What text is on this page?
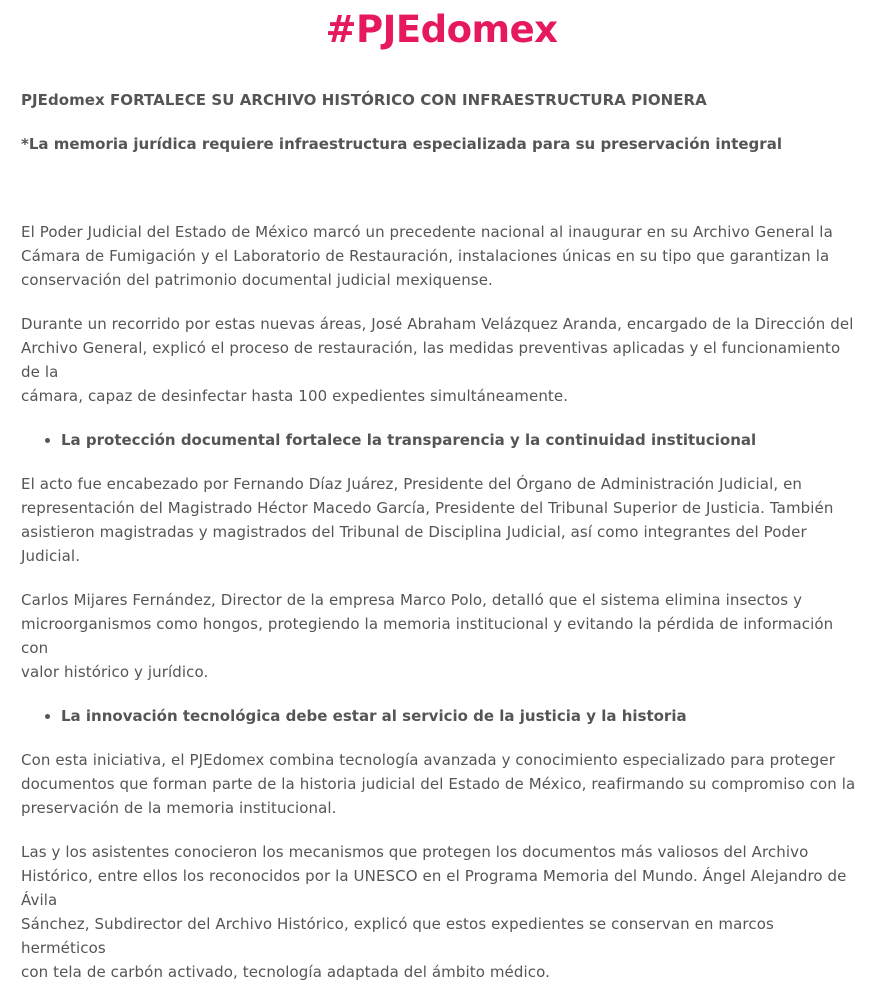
#PJEdomex
PJEdomex FORTALECE SU ARCHIVO HISTÓRICO CON INFRAESTRUCTURA PIONERA
*La memoria jurídica requiere infraestructura especializada para su preservación integral

El Poder Judicial del Estado de México marcó un precedente nacional al inaugurar en su Archivo General la
Cámara de Fumigación y el Laboratorio de Restauración, instalaciones únicas en su tipo que garantizan la
conservación del patrimonio documental judicial mexiquense.

Durante un recorrido por estas nuevas áreas, José Abraham Velázquez Aranda, encargado de la Dirección del
Archivo General, explicó el proceso de restauración, las medidas preventivas aplicadas y el funcionamiento de la
cámara, capaz de desinfectar hasta 100 expedientes simultáneamente.

La protección documental fortalece la transparencia y la continuidad institucional

El acto fue encabezado por Fernando Díaz Juárez, Presidente del Órgano de Administración Judicial, en
representación del Magistrado Héctor Macedo García, Presidente del Tribunal Superior de Justicia. También
asistieron magistradas y magistrados del Tribunal de Disciplina Judicial, así como integrantes del Poder Judicial.

Carlos Mijares Fernández, Director de la empresa Marco Polo, detalló que el sistema elimina insectos y
microorganismos como hongos, protegiendo la memoria institucional y evitando la pérdida de información con
valor histórico y jurídico.

La innovación tecnológica debe estar al servicio de la justicia y la historia

Con esta iniciativa, el PJEdomex combina tecnología avanzada y conocimiento especializado para proteger
documentos que forman parte de la historia judicial del Estado de México, reafirmando su compromiso con la
preservación de la memoria institucional.

Las y los asistentes conocieron los mecanismos que protegen los documentos más valiosos del Archivo
Histórico, entre ellos los reconocidos por la UNESCO en el Programa Memoria del Mundo. Ángel Alejandro de Ávila
Sánchez, Subdirector del Archivo Histórico, explicó que estos expedientes se conservan en marcos herméticos
con tela de carbón activado, tecnología adaptada del ámbito médico.
